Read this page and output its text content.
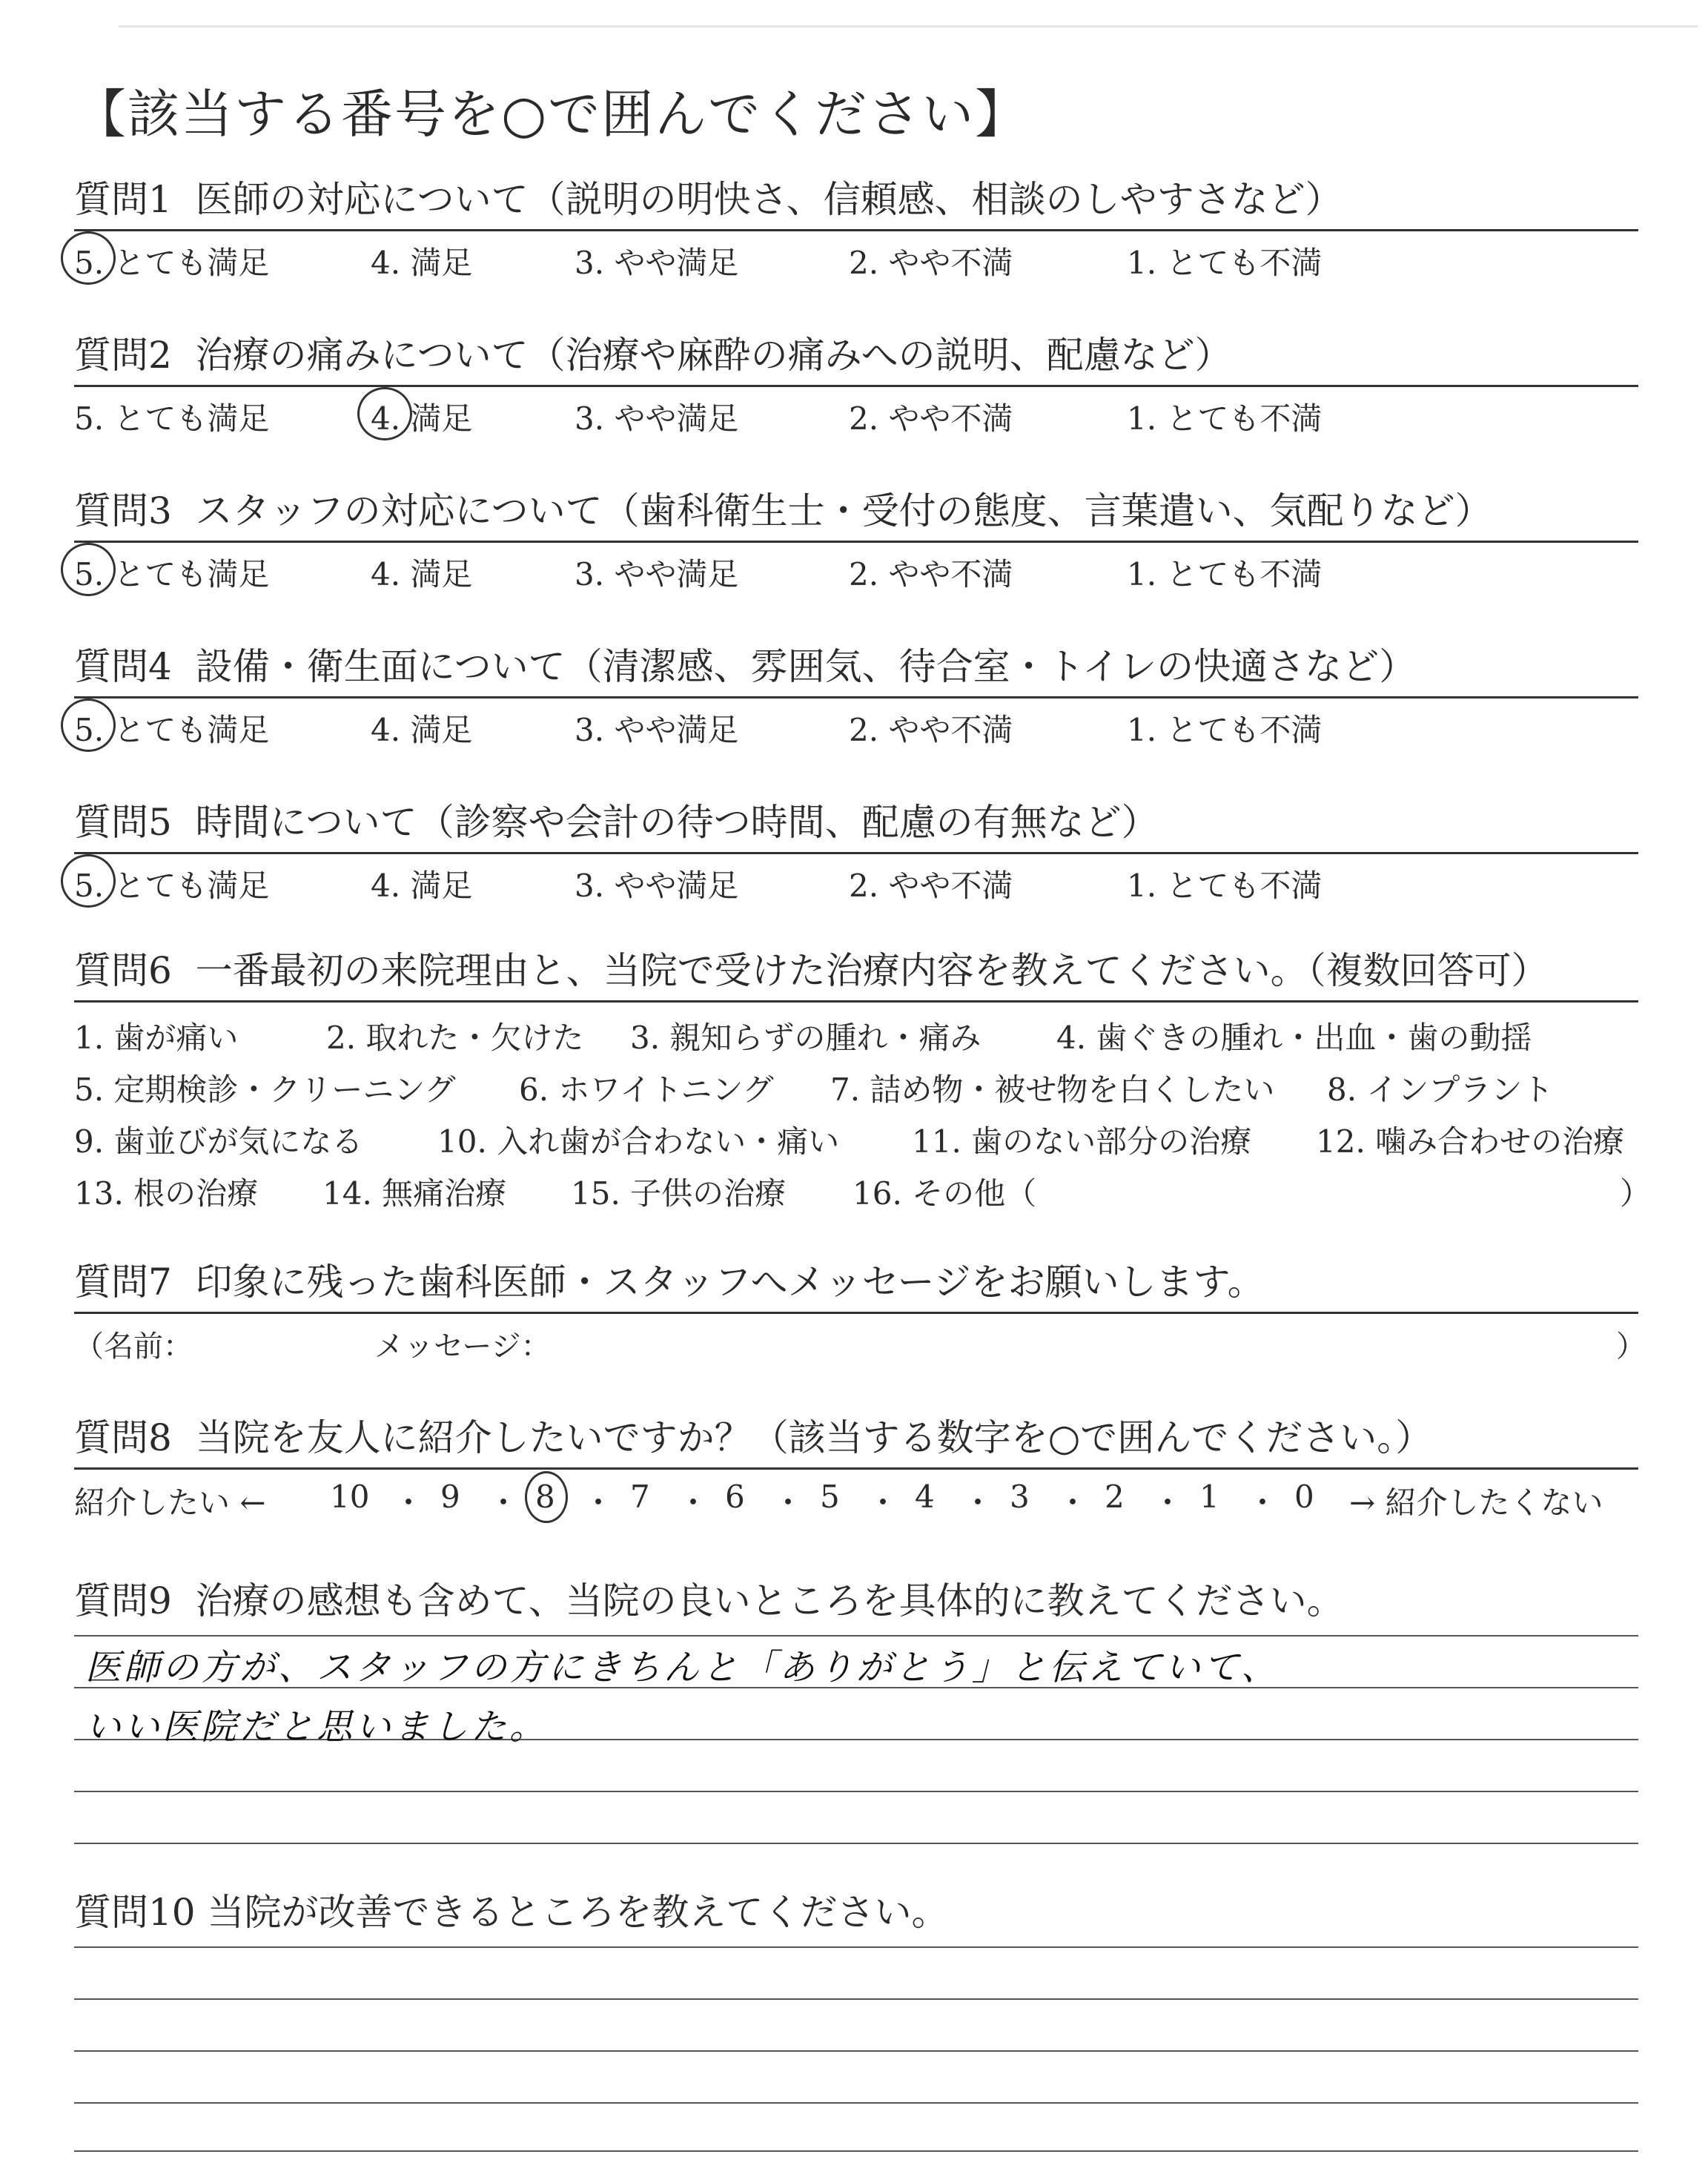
【該当する番号を○で囲んでください】
質問1 医師の対応について（説明の明快さ、信頼感、相談のしやすさなど）
5. とても満足	4. 満足	3. やや満足	2. やや不満	1. とても不満
質問2 治療の痛みについて（治療や麻酔の痛みへの説明、配慮など）
5. とても満足	4. 満足	3. やや満足	2. やや不満	1. とても不満
質問3 スタッフの対応について（歯科衛生士・受付の態度、言葉遣い、気配りなど）
5. とても満足	4. 満足	3. やや満足	2. やや不満	1. とても不満
質問4 設備・衛生面について（清潔感、雰囲気、待合室・トイレの快適さなど）
5. とても満足	4. 満足	3. やや満足	2. やや不満	1. とても不満
質問5 時間について（診察や会計の待つ時間、配慮の有無など）
5. とても満足	4. 満足	3. やや満足	2. やや不満	1. とても不満
質問6 一番最初の来院理由と、当院で受けた治療内容を教えてください。（複数回答可）
1. 歯が痛い	2. 取れた・欠けた 3. 親知らずの腫れ・痛み 4. 歯ぐきの腫れ・出血・歯の動揺
5. 定期検診・クリーニング 6. ホワイトニング 7. 詰め物・被せ物を白くしたい 8. インプラント
9. 歯並びが気になる 10. 入れ歯が合わない・痛い 11. 歯のない部分の治療 12. 噛み合わせの治療
13. 根の治療 14. 無痛治療 15. 子供の治療 16. その他（	）
質問7 印象に残った歯科医師・スタッフへメッセージをお願いします。
（名前：	メッセージ：	）
質問8 当院を友人に紹介したいですか？（該当する数字を○で囲んでください。）
紹介したい ←	→ 紹介したくない
10 ・ 9 ・ 8 ・ 7 ・ 6 ・ 5 ・ 4 ・ 3 ・ 2 ・ 1 ・ 0
質問9 治療の感想も含めて、当院の良いところを具体的に教えてください。
医師の方が、スタッフの方にきちんと「ありがとう」と伝えていて、
いい医院だと思いました。
質問10 当院が改善できるところを教えてください。
